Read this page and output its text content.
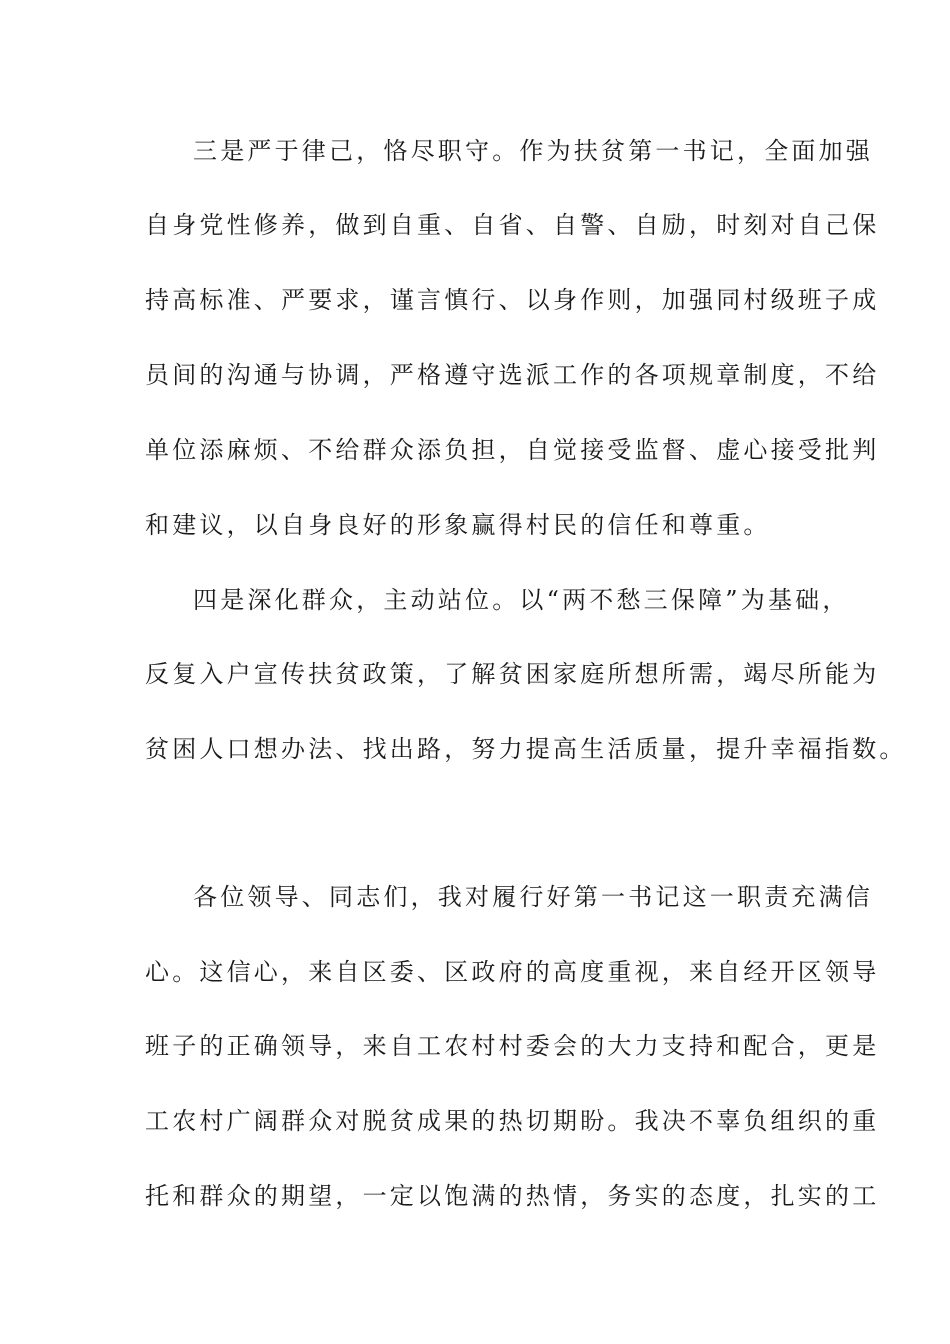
三是严于律己，恪尽职守。作为扶贫第一书记，全面加强

自身党性修养，做到自重、自省、自警、自励，时刻对自己保

持高标准、严要求，谨言慎行、以身作则，加强同村级班子成

员间的沟通与协调，严格遵守选派工作的各项规章制度，不给

单位添麻烦、不给群众添负担，自觉接受监督、虚心接受批判

和建议，以自身良好的形象赢得村民的信任和尊重。

四是深化群众，主动站位。以“两不愁三保障”为基础，

反复入户宣传扶贫政策，了解贫困家庭所想所需，竭尽所能为

贫困人口想办法、找出路，努力提高生活质量，提升幸福指数。

各位领导、同志们，我对履行好第一书记这一职责充满信

心。这信心，来自区委、区政府的高度重视，来自经开区领导

班子的正确领导，来自工农村村委会的大力支持和配合，更是

工农村广阔群众对脱贫成果的热切期盼。我决不辜负组织的重

托和群众的期望，一定以饱满的热情，务实的态度，扎实的工
